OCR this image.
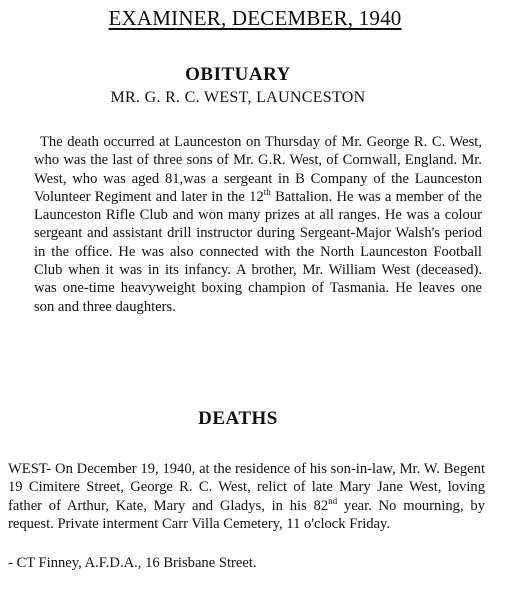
EXAMINER, DECEMBER, 1940
OBITUARY
MR. G. R. C. WEST, LAUNCESTON

The death occurred at Launceston on Thursday of Mr. George R. C. West, who was the last of three sons of Mr. G.R. West, of Cornwall, England. Mr. West, who was aged 81,was a sergeant in B Company of the Launceston Volunteer Regiment and later in the 12th Battalion. He was a member of the Launceston Rifle Club and won many prizes at all ranges. He was a colour sergeant and assistant drill instructor during Sergeant-Major Walsh's period in the office. He was also connected with the North Launceston Football Club when it was in its infancy. A brother, Mr. William West (deceased). was one-time heavyweight boxing champion of Tasmania. He leaves one son and three daughters.

DEATHS

WEST- On December 19, 1940, at the residence of his son-in-law, Mr. W. Begent 19 Cimitere Street, George R. C. West, relict of late Mary Jane West, loving father of Arthur, Kate, Mary and Gladys, in his 82nd year. No mourning, by request. Private interment Carr Villa Cemetery, 11 o'clock Friday.

- CT Finney, A.F.D.A., 16 Brisbane Street.
